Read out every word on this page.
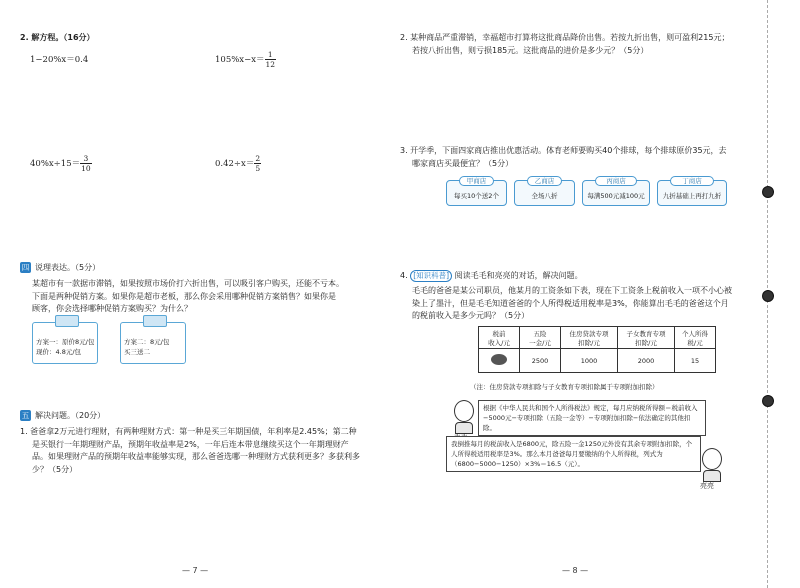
2. 解方程。（16分）
1−20%x＝0.4	$105\%x-x= \frac{1}{12}$
$40\%x\div 15= \frac{3}{10}$	$0.42\div x= \frac{2}{5}$
四 说理表达。（5分）
某超市有一款据市滞销，如果按照市场价打六折出售，可以吸引客户购买，还能不亏本。
下面是两种促销方案。如果你是超市老板，那么你会采用哪种促销方案销售？如果你是
顾客，你会选择哪种促销方案购买？为什么？
方案一：原价8元/包
现价：4.8元/包
方案二：8元/包
买三送二
五 解决问题。（20分）
1. 爸爸拿2万元进行理财，有两种理财方式：第一种是买三年期国债，年利率是2.45%；第二种
是买银行一年期理财产品，预期年收益率是2%，一年后连本带息继续买这个一年期理财产
品。如果理财产品的预期年收益率能够实现，那么爸爸选哪一种理财方式获利更多？多获利多
少？（5分）
— 7 —
2. 某种商品严重滞销，幸福超市打算将这批商品降价出售。若按九折出售，则可盈利215元；
若按八折出售，则亏损185元。这批商品的进价是多少元？（5分）
3. 开学季，下面四家商店推出优惠活动。体育老师要购买40个排球，每个排球原价35元，去
哪家商店买最便宜？（5分）
甲商店
每买10个送2个
乙商店
全场八折
丙商店
每满500元减100元
丁商店
九折基础上再打九折
4. [知识科普] 阅读毛毛和亮亮的对话，解决问题。
毛毛的爸爸是某公司职员，他某月的工资条如下表，现在下工资条上税前收入一项不小心被
染上了墨汁，但是毛毛知道爸爸的个人所得税适用税率是3%，你能算出毛毛的爸爸这个月
的税前收入是多少元吗？（5分）
税前
收入/元	五险
一金/元	住房贷款专项
扣除/元	子女教育专项
扣除/元	个人所得
税/元
	2500	1000	2000	15
（注：住房贷款专项扣除与子女教育专项扣除属于专项附加扣除）
根据《中华人民共和国个人所得税法》规定，每月应纳税所得额＝税前收入−5000元−专项扣除（五险一金等）−专项附加扣除−依法确定的其他扣除。
我倒推每月的税前收入是6800元，除五险一金1250元外没有其余专项附加扣除，个人所得税适用税率是3%。那么本月爸爸每月要缴纳的个人所得税，列式为（6800−5000−1250）×3%＝16.5（元）。
亮亮
— 8 —
